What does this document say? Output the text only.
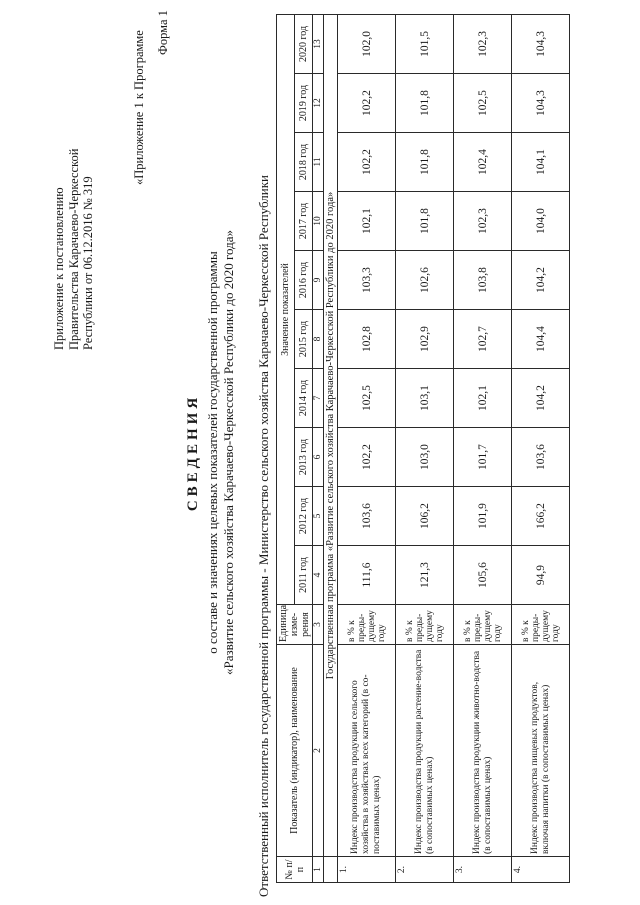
Приложение к постановлению Правительства Карачаево-Черкесской Республики от 06.12.2016 № 319
«Приложение 1 к Программе Форма 1
СВЕДЕНИЯ о составе и значениях целевых показателей государственной программы «Развитие сельского хозяйства Карачаево-Черкесской Республики до 2020 года» Ответственный исполнитель государственной программы - Министерство сельского хозяйства Карачаево-Черкесской Республики № п/п	Показатель (индикатор), наименование	Единица изме-рения	Значение показателей									
			2011 год	2012 год	2013 год	2014 год	2015 год	2016 год	2017 год	2018 год	2019 год	2020 год
1	2	3	4	5	6	7	8	9	10	11	12	13
	Государственная программа «Развитие сельского хозяйства Карачаево-Черкесской Республики до 2020 года»											
1.	Индекс производства продукции сельского хозяйства в хозяйствах всех категорий (в со-поставимых ценах)	в % к преды-дущему году	111,6	103,6	102,2	102,5	102,8	103,3	102,1	102,2	102,2	102,0
2.	Индекс производства продукции растение-водства (в сопоставимых ценах)	в % к преды-дущему году	121,3	106,2	103,0	103,1	102,9	102,6	101,8	101,8	101,8	101,5
3.	Индекс производства продукции животно-водства (в сопоставимых ценах)	в % к преды-дущему году	105,6	101,9	101,7	102,1	102,7	103,8	102,3	102,4	102,5	102,3
4.	Индекс производства пищевых продуктов, включая напитки (в сопоставимых ценах)	в % к преды-дущему году	94,9	166,2	103,6	104,2	104,4	104,2	104,0	104,1	104,3	104,3
